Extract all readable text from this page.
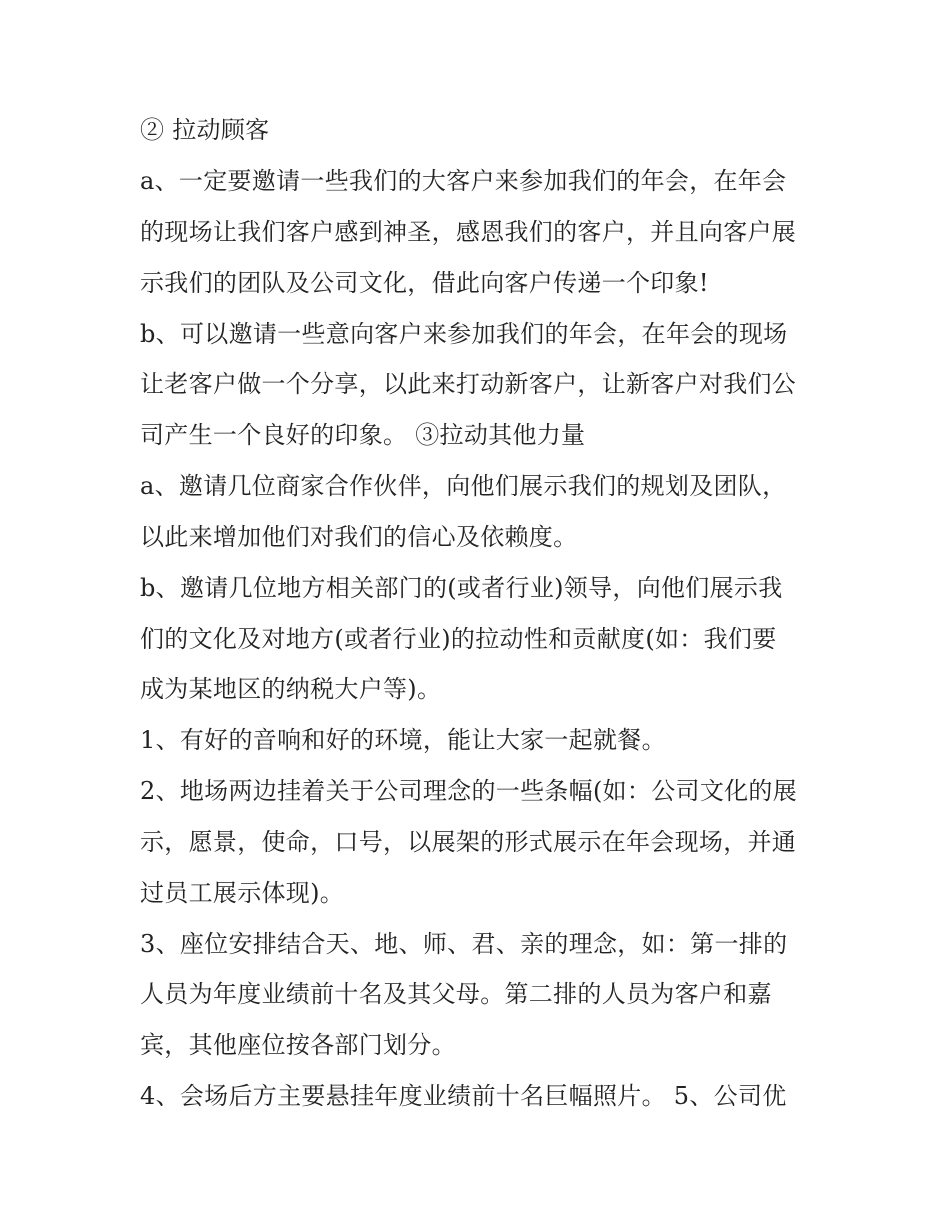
② 拉动顾客
a、一定要邀请一些我们的大客户来参加我们的年会，在年会
的现场让我们客户感到神圣，感恩我们的客户，并且向客户展
示我们的团队及公司文化，借此向客户传递一个印象!
b、可以邀请一些意向客户来参加我们的年会，在年会的现场
让老客户做一个分享，以此来打动新客户，让新客户对我们公
司产生一个良好的印象。 ③拉动其他力量
a、邀请几位商家合作伙伴，向他们展示我们的规划及团队，
以此来增加他们对我们的信心及依赖度。
b、邀请几位地方相关部门的(或者行业)领导，向他们展示我
们的文化及对地方(或者行业)的拉动性和贡献度(如：我们要
成为某地区的纳税大户等)。
1、有好的音响和好的环境，能让大家一起就餐。
2、地场两边挂着关于公司理念的一些条幅(如：公司文化的展
示，愿景，使命，口号，以展架的形式展示在年会现场，并通
过员工展示体现)。
3、座位安排结合天、地、师、君、亲的理念，如：第一排的
人员为年度业绩前十名及其父母。第二排的人员为客户和嘉
宾，其他座位按各部门划分。
4、会场后方主要悬挂年度业绩前十名巨幅照片。 5、公司优
